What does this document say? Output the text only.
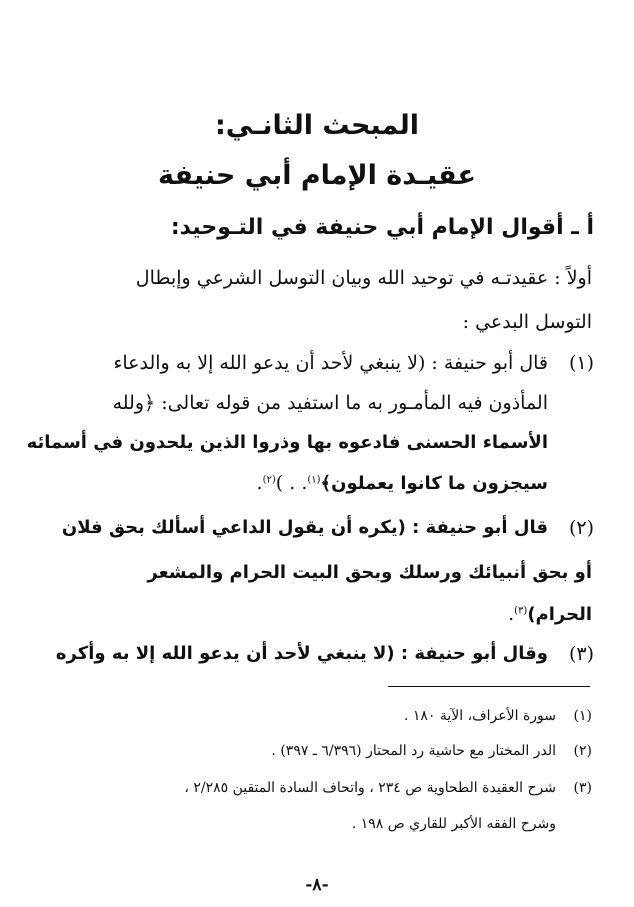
المبحث الثانـي:
عقيـدة الإمام أبي حنيفة
أ ـ أقوال الإمام أبي حنيفة في التـوحيد:
أولاً : عقيدتـه في توحيد الله وبيان التوسل الشرعي وإبطال
التوسل البدعي :
(١)
قال أبو حنيفة : (لا ينبغي لأحد أن يدعو الله إلا به والدعاء
المأذون فيه المأمـور به ما استفيد من قوله تعالى: ﴿ولله
الأسماء الحسنى فادعوه بها وذروا الذين يلحدون في أسمائه
سيجزون ما كانوا يعملون﴾$^{(١)}$. . )$^{(٢)}$.
(٢)
قال أبو حنيفة : (يكره أن يقول الداعي أسألك بحق فلان
أو بحق أنبيائك ورسلك وبحق البيت الحرام والمشعر
الحرام)$^{(٣)}$.
(٣)
وقال أبو حنيفة : (لا ينبغي لأحد أن يدعو الله إلا به وأكره
(١)
سورة الأعراف، الآية ١٨٠ .
(٢)
الدر المختار مع حاشية رد المحتار (٦/٣٩٦ ـ ٣٩٧) .
(٣)
شرح العقيدة الطحاوية ص ٢٣٤ ، واتحاف السادة المتقين ٢/٢٨٥ ،
وشرح الفقه الأكبر للقاري ص ١٩٨ .
-٨-
